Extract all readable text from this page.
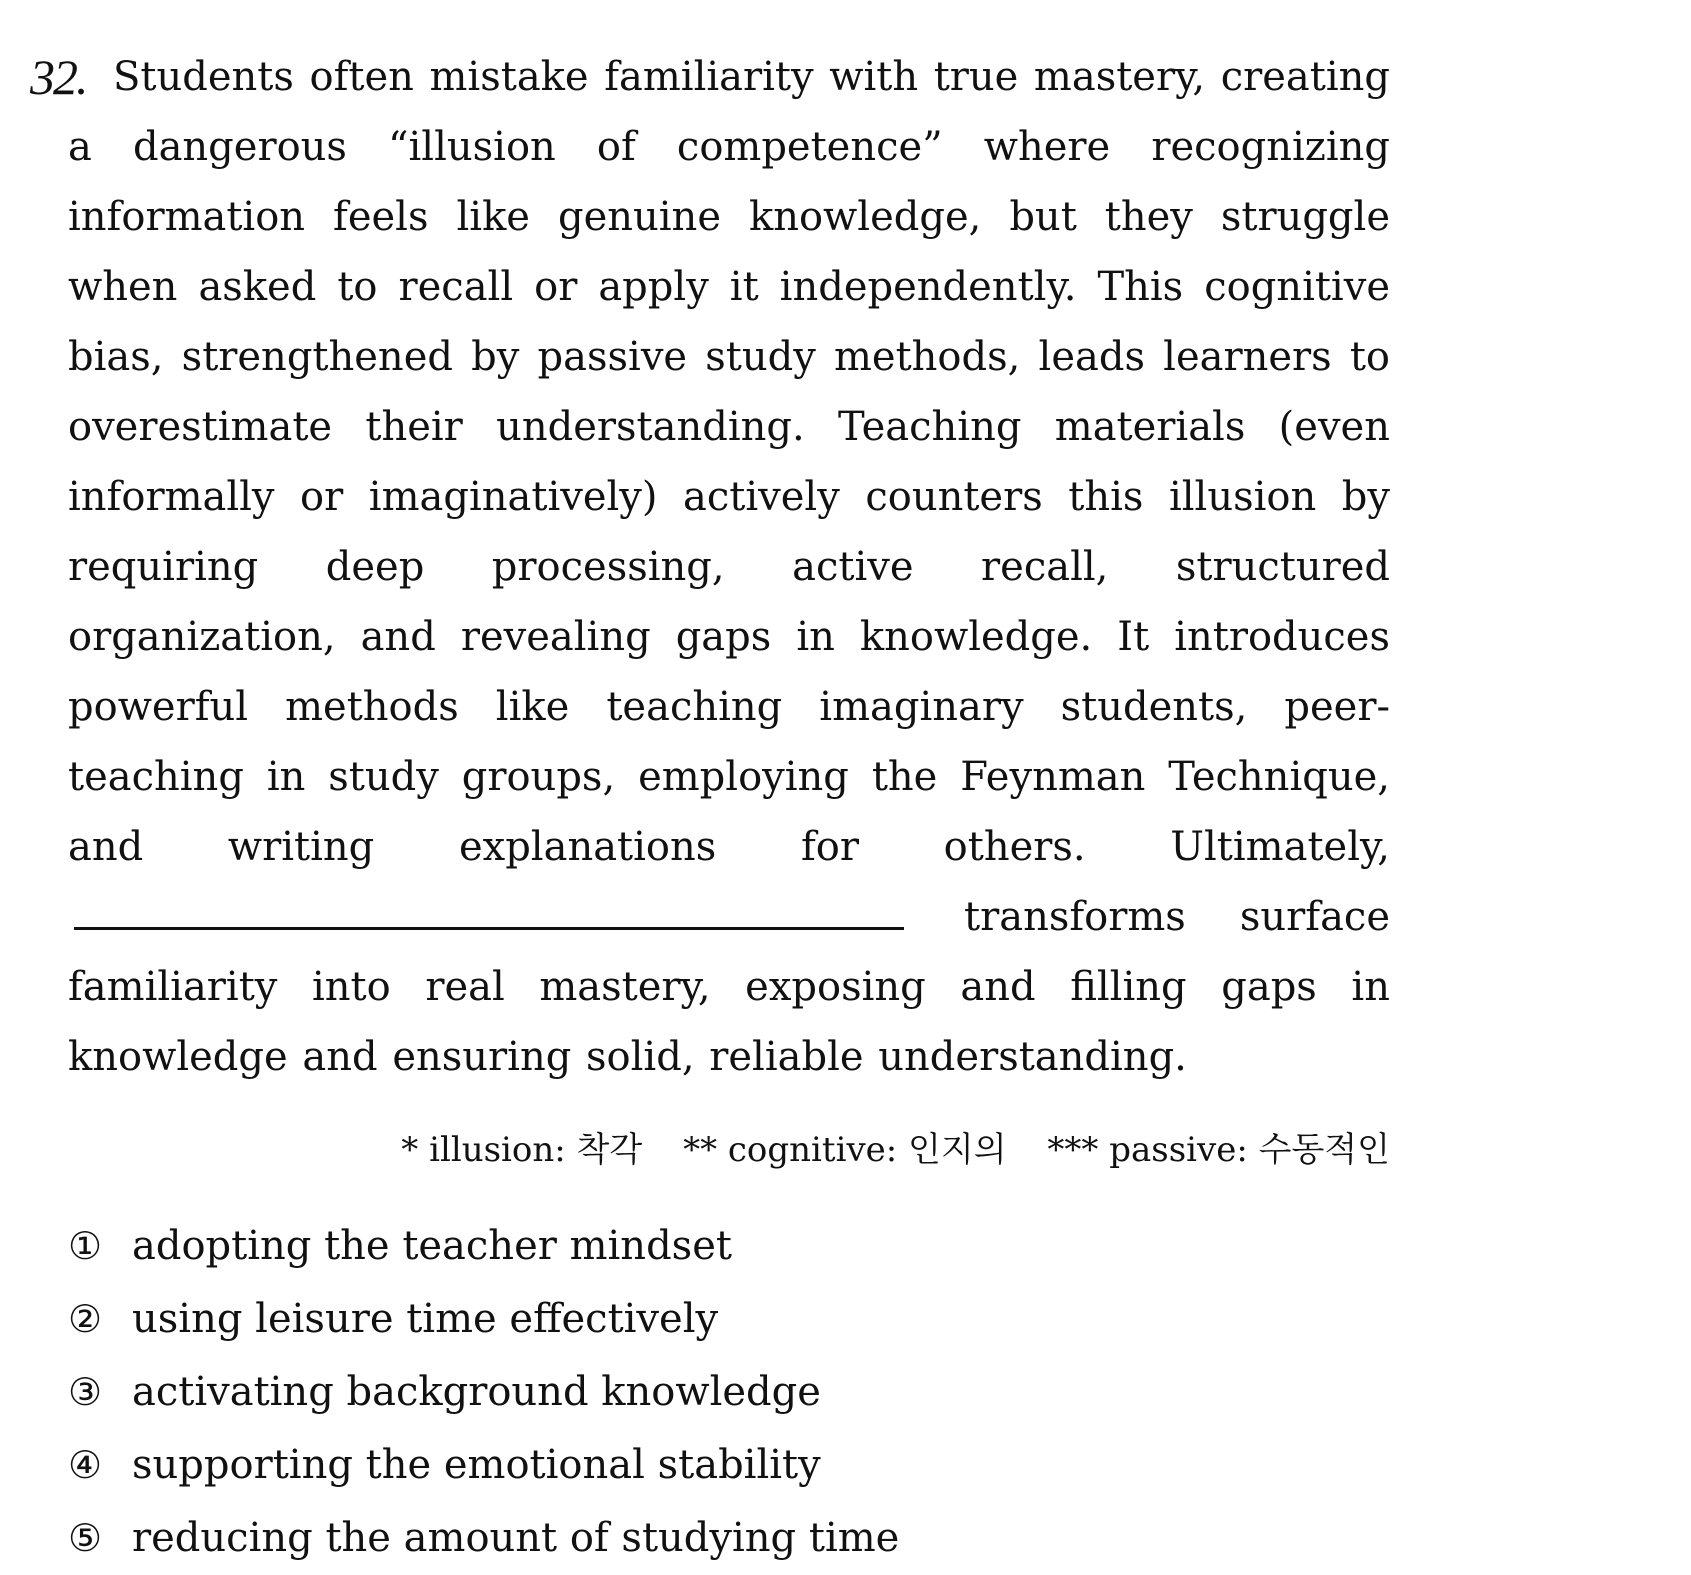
32. Students often mistake familiarity with true mastery, creating a dangerous “illusion of competence” where recognizing information feels like genuine knowledge, but they struggle when asked to recall or apply it independently. This cognitive bias, strengthened by passive study methods, leads learners to overestimate their understanding. Teaching materials (even informally or imaginatively) actively counters this illusion by requiring deep processing, active recall, structured organization, and revealing gaps in knowledge. It introduces powerful methods like teaching imaginary students, peer-teaching in study groups, employing the Feynman Technique, and writing explanations for others. Ultimately,  transforms surface familiarity into real mastery, exposing and filling gaps in knowledge and ensuring solid, reliable understanding.

* illusion: 착각 ** cognitive: 인지의 *** passive: 수동적인
① adopting the teacher mindset
② using leisure time effectively
③ activating background knowledge
④ supporting the emotional stability
⑤ reducing the amount of studying time
